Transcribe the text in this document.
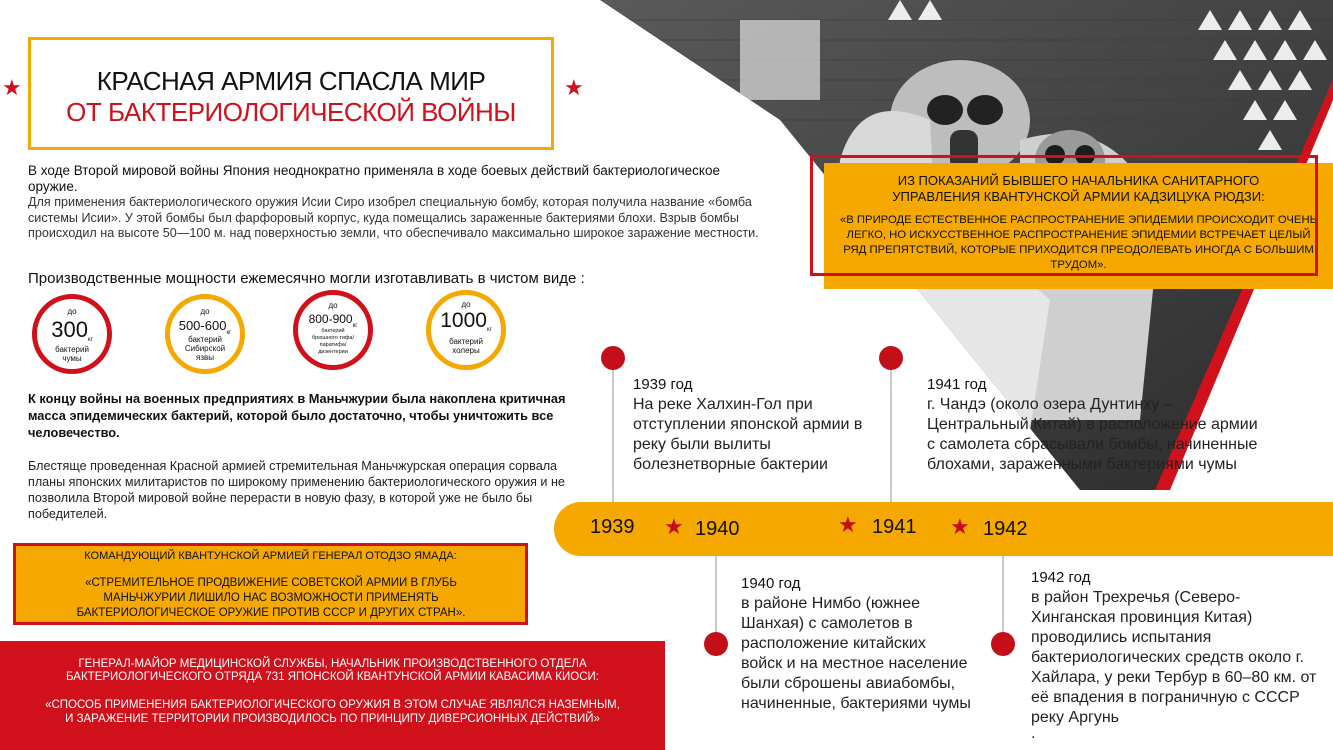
★	КРАСНАЯ АРМИЯ СПАСЛА МИР
ОТ БАКТЕРИОЛОГИЧЕСКОЙ ВОЙНЫ
★
В ходе Второй мировой войны Япония неоднократно применяла в ходе боевых действий бактериологическое оружие.
Для применения бактериологического оружия Исии Сиро изобрел специальную бомбу, которая получила название «бомба системы Исии». У этой бомбы был фарфоровый корпус, куда помещались зараженные бактериями блохи. Взрыв бомбы происходил на высоте 50—100 м. над поверхностью земли, что обеспечивало максимально широкое заражение местности.
Производственные мощности ежемесячно могли изготавливать в чистом виде :
до
$300_{кг}$
бактерий чумы
до
$500-600_{кг}$
бактерий Сибирской язвы
до
$800-900_{кг}$
бактерий брюшного тифа/ паратифа/ дизентерии
до
$1000_{кг}$
бактерий холеры
К концу войны на военных предприятиях в Маньчжурии была накоплена критичная масса эпидемических бактерий, которой было достаточно, чтобы уничтожить все человечество.
Блестяще проведенная Красной армией стремительная Маньчжурская операция сорвала планы японских милитаристов по широкому применению бактериологического оружия и не позволила Второй мировой войне перерасти в новую фазу, в которой уже не было бы победителей.
КОМАНДУЮЩИЙ КВАНТУНСКОЙ АРМИЕЙ ГЕНЕРАЛ ОТОДЗО ЯМАДА:
«СТРЕМИТЕЛЬНОЕ ПРОДВИЖЕНИЕ СОВЕТСКОЙ АРМИИ В ГЛУБЬ МАНЬЧЖУРИИ ЛИШИЛО НАС ВОЗМОЖНОСТИ ПРИМЕНЯТЬ БАКТЕРИОЛОГИЧЕСКОЕ ОРУЖИЕ ПРОТИВ СССР И ДРУГИХ СТРАН».
ГЕНЕРАЛ-МАЙОР МЕДИЦИНСКОЙ СЛУЖБЫ, НАЧАЛЬНИК ПРОИЗВОДСТВЕННОГО ОТДЕЛА
БАКТЕРИОЛОГИЧЕСКОГО ОТРЯДА 731 ЯПОНСКОЙ КВАНТУНСКОЙ АРМИИ КАВАСИМА КИОСИ:
«СПОСОБ ПРИМЕНЕНИЯ БАКТЕРИОЛОГИЧЕСКОГО ОРУЖИЯ В ЭТОМ СЛУЧАЕ ЯВЛЯЛСЯ НАЗЕМНЫМ,
И ЗАРАЖЕНИЕ ТЕРРИТОРИИ ПРОИЗВОДИЛОСЬ ПО ПРИНЦИПУ ДИВЕРСИОННЫХ ДЕЙСТВИЙ»
ИЗ ПОКАЗАНИЙ БЫВШЕГО НАЧАЛЬНИКА САНИТАРНОГО
УПРАВЛЕНИЯ КВАНТУНСКОЙ АРМИИ КАДЗИЦУКА РЮДЗИ:
«В ПРИРОДЕ ЕСТЕСТВЕННОЕ РАСПРОСТРАНЕНИЕ ЭПИДЕМИИ ПРОИСХОДИТ ОЧЕНЬ ЛЕГКО, НО ИСКУССТВЕННОЕ РАСПРОСТРАНЕНИЕ ЭПИДЕМИИ ВСТРЕЧАЕТ ЦЕЛЫЙ РЯД ПРЕПЯТСТВИЙ, КОТОРЫЕ ПРИХОДИТСЯ ПРЕОДОЛЕВАТЬ ИНОГДА С БОЛЬШИМ ТРУДОМ».
1939 ★ 1940	★ 1941 ★ 1942
1939 год
На реке Халхин-Гол при отступлении японской армии в реку были вылиты болезнетворные бактерии
1941 год
г. Чандэ (около озера Дунтинху – Центральный Китай) в расположение армии с самолета сбрасывали бомбы, начиненные блохами, зараженными бактериями чумы
1940 год
в районе Нимбо (южнее Шанхая) с самолетов в расположение китайских войск и на местное население были сброшены авиабомбы, начиненные, бактериями чумы
1942 год
в район Трехречья (Северо-Хинганская провинция Китая) проводились испытания бактериологических средств около г. Хайлара, у реки Тербур в 60–80 км. от её впадения в пограничную с СССР реку Аргунь
.
